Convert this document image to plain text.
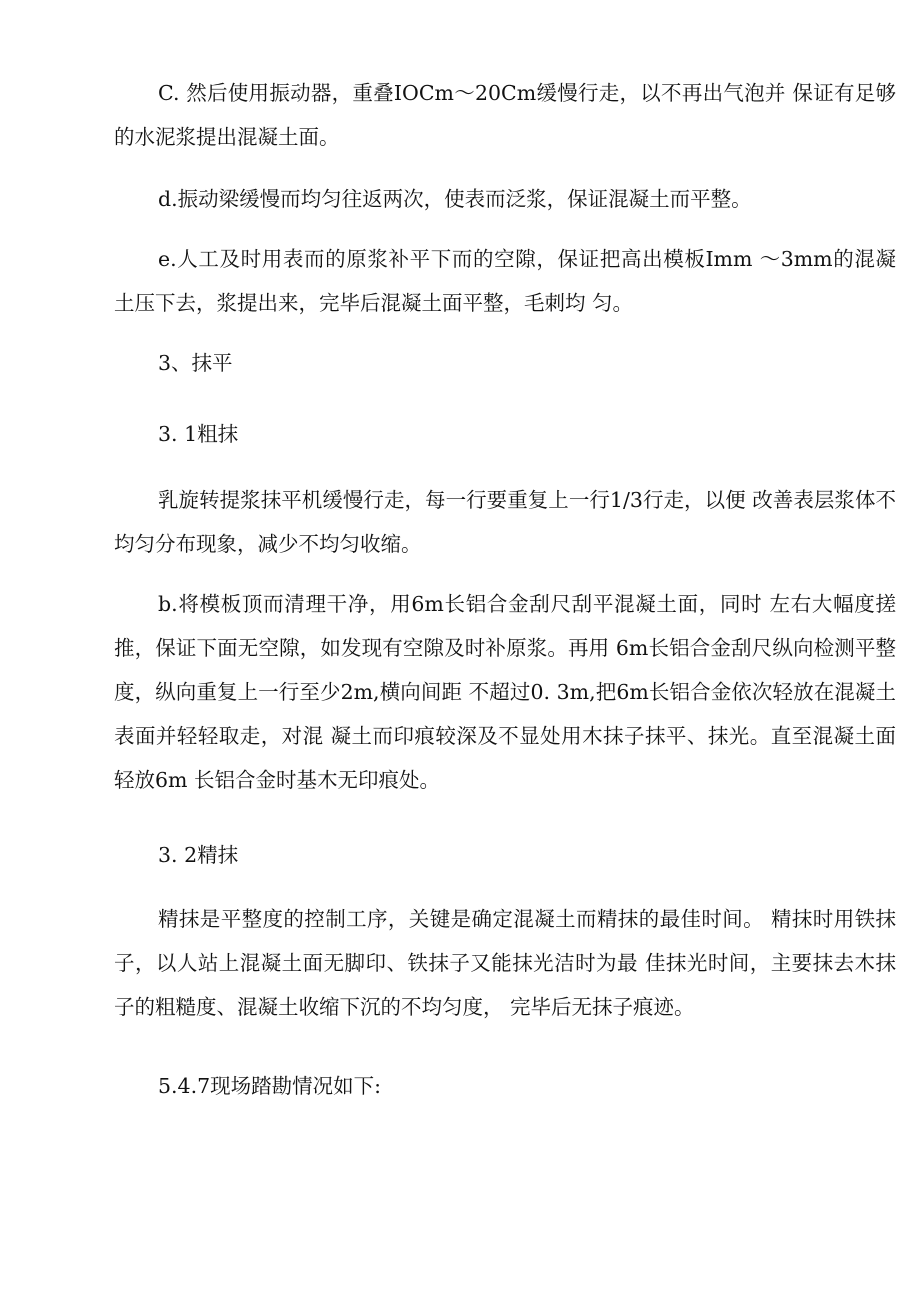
C. 然后使用振动器，重叠IOCm～20Cm缓慢行走，以不再出气泡并 保证有足够的水泥浆提出混凝土面。

d.振动梁缓慢而均匀往返两次，使表而泛浆，保证混凝土而平整。

e.人工及时用表而的原浆补平下而的空隙，保证把高出模板Imm ～3mm的混凝土压下去，浆提出来，完毕后混凝土面平整，毛刺均 匀。

3、抹平

3. 1粗抹

乳旋转提浆抹平机缓慢行走，每一行要重复上一行1/3行走，以便 改善表层浆体不均匀分布现象，减少不均匀收缩。

b.将模板顶而清理干净，用6m长铝合金刮尺刮平混凝土面，同时 左右大幅度搓推，保证下面无空隙，如发现有空隙及时补原浆。再用 6m长铝合金刮尺纵向检测平整度，纵向重复上一行至少2m,横向间距 不超过0. 3m,把6m长铝合金依次轻放在混凝土表面并轻轻取走，对混 凝土而印痕较深及不显处用木抹子抹平、抹光。直至混凝土面轻放6m 长铝合金时基木无印痕处。

3. 2精抹

精抹是平整度的控制工序，关键是确定混凝土而精抹的最佳时间。 精抹时用铁抹子，以人站上混凝土面无脚印、铁抹子又能抹光洁时为最 佳抹光时间，主要抹去木抹子的粗糙度、混凝土收缩下沉的不均匀度， 完毕后无抹子痕迹。

5.4.7现场踏勘情况如下:
